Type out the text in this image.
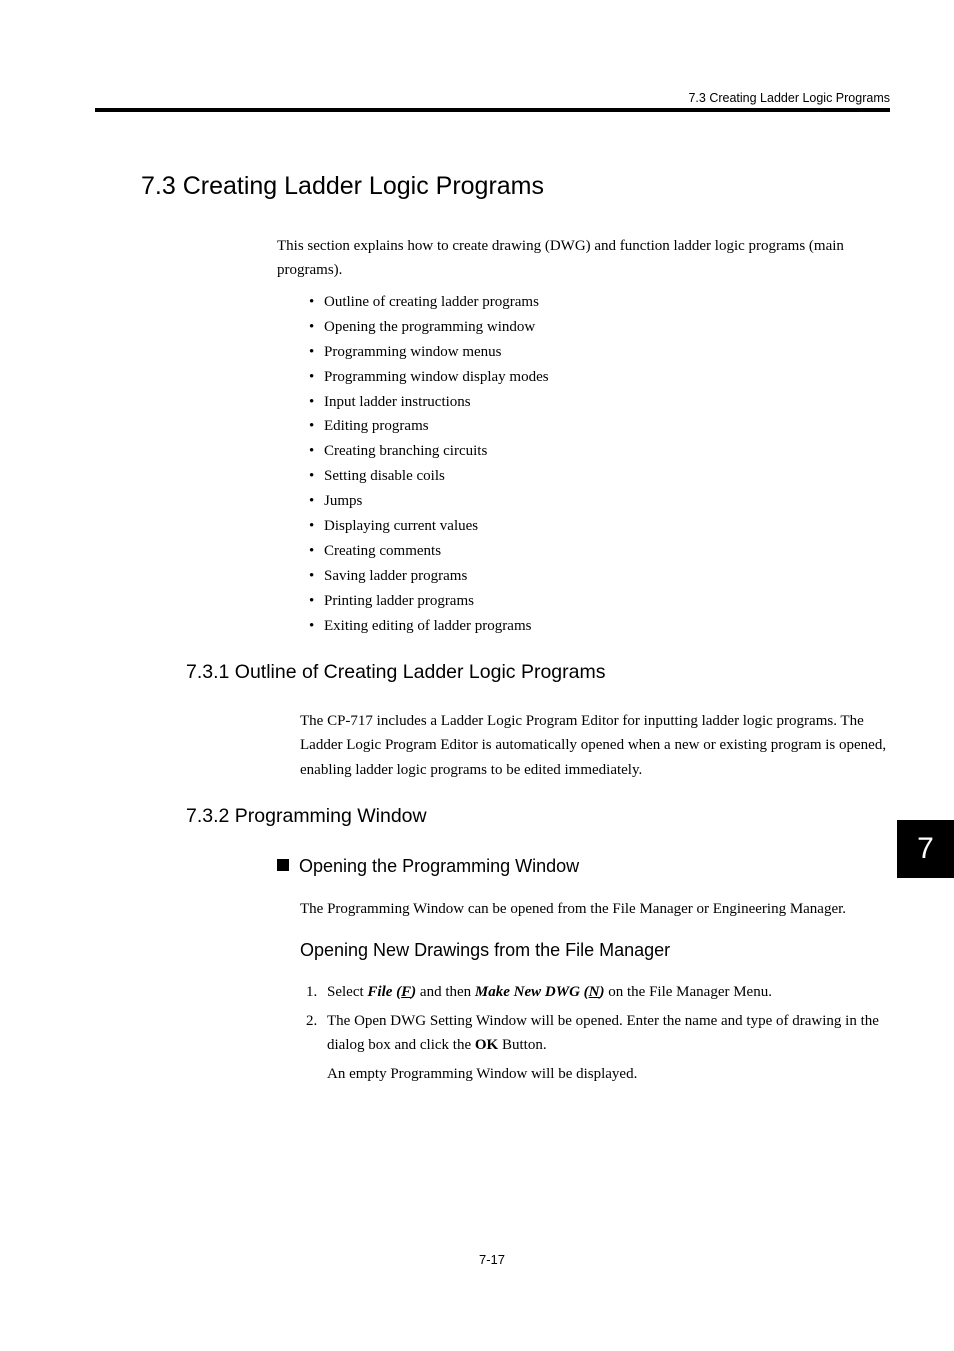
7.3 Creating Ladder Logic Programs
7.3 Creating Ladder Logic Programs

This section explains how to create drawing (DWG) and function ladder logic programs (main programs).

• Outline of creating ladder programs
• Opening the programming window
• Programming window menus
• Programming window display modes
• Input ladder instructions
• Editing programs
• Creating branching circuits
• Setting disable coils
• Jumps
• Displaying current values
• Creating comments
• Saving ladder programs
• Printing ladder programs
• Exiting editing of ladder programs
7.3.1 Outline of Creating Ladder Logic Programs

The CP-717 includes a Ladder Logic Program Editor for inputting ladder logic programs. The Ladder Logic Program Editor is automatically opened when a new or existing program is opened, enabling ladder logic programs to be edited immediately.

7.3.2 Programming Window
Opening the Programming Window

The Programming Window can be opened from the File Manager or Engineering Manager.

Opening New Drawings from the File Manager
1. Select File (F) and then Make New DWG (N) on the File Manager Menu.
2. The Open DWG Setting Window will be opened. Enter the name and type of drawing in the dialog box and click the OK Button.
An empty Programming Window will be displayed.
7
7-17
